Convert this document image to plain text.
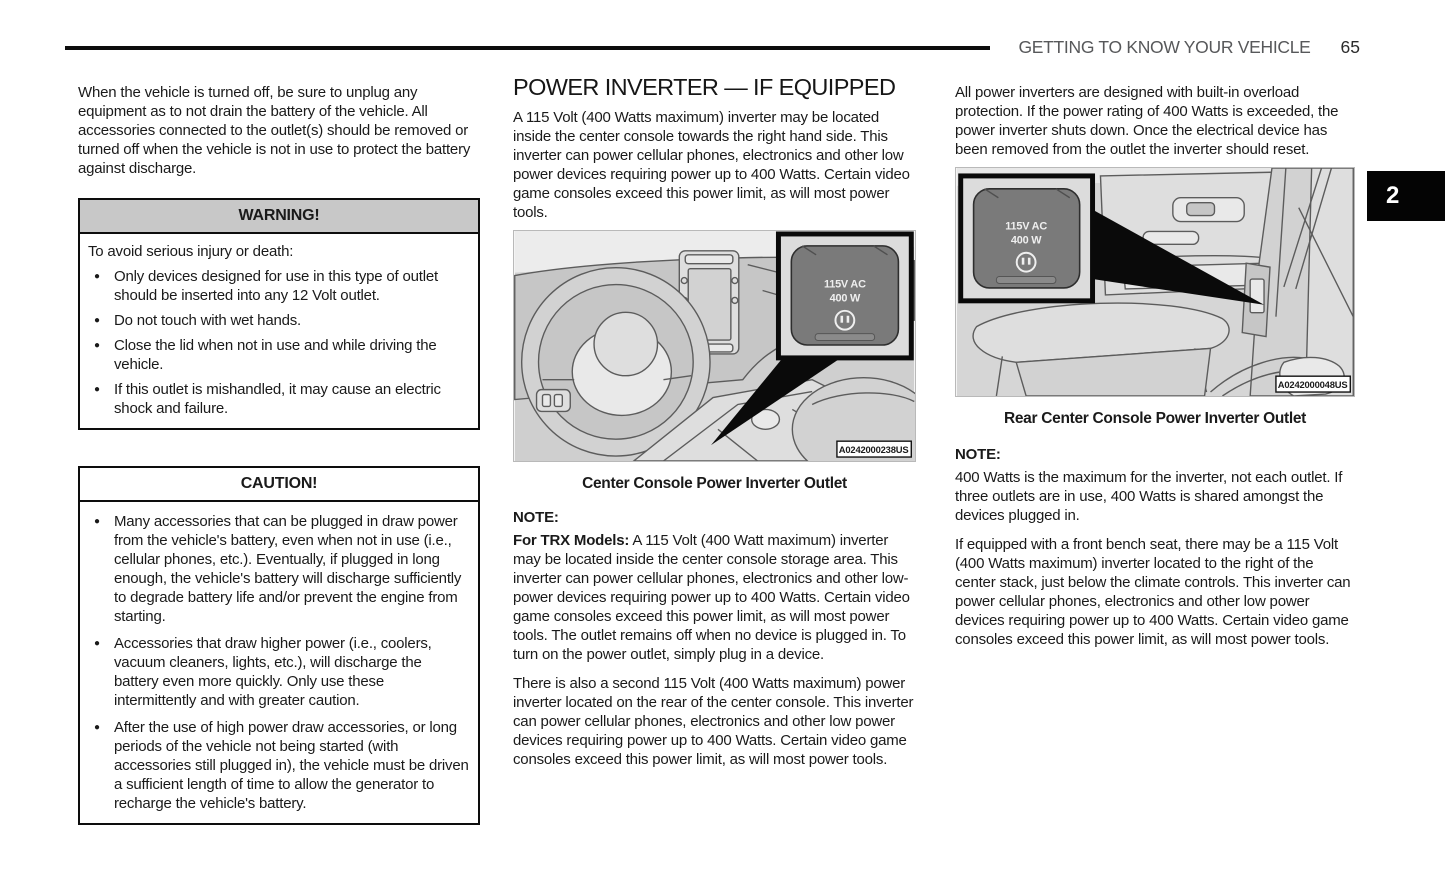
GETTING TO KNOW YOUR VEHICLE 65
2

When the vehicle is turned off, be sure to unplug any equipment as to not drain the battery of the vehicle. All accessories connected to the outlet(s) should be removed or turned off when the vehicle is not in use to protect the battery against discharge.

WARNING!

To avoid serious injury or death:

● Only devices designed for use in this type of outlet should be inserted into any 12 Volt outlet.
● Do not touch with wet hands.
● Close the lid when not in use and while driving the vehicle.
● If this outlet is mishandled, it may cause an electric shock and failure.
CAUTION!
● Many accessories that can be plugged in draw power from the vehicle's battery, even when not in use (i.e., cellular phones, etc.). Eventually, if plugged in long enough, the vehicle's battery will discharge sufficiently to degrade battery life and/or prevent the engine from starting.
● Accessories that draw higher power (i.e., coolers, vacuum cleaners, lights, etc.), will discharge the battery even more quickly. Only use these intermittently and with greater caution.
● After the use of high power draw accessories, or long periods of the vehicle not being started (with accessories still plugged in), the vehicle must be driven a sufficient length of time to allow the generator to recharge the vehicle's battery.
POWER INVERTER — IF EQUIPPED

A 115 Volt (400 Watts maximum) inverter may be located inside the center console towards the right hand side. This inverter can power cellular phones, electronics and other low power devices requiring power up to 400 Watts. Certain video game consoles exceed this power limit, as will most power tools.

115V AC
400 W
A0242000238US
Center Console Power Inverter Outlet

NOTE:

For TRX Models: A 115 Volt (400 Watt maximum) inverter may be located inside the center console storage area. This inverter can power cellular phones, electronics and other low-power devices requiring power up to 400 Watts. Certain video game consoles exceed this power limit, as will most power tools. The outlet remains off when no device is plugged in. To turn on the power outlet, simply plug in a device.

There is also a second 115 Volt (400 Watts maximum) power inverter located on the rear of the center console. This inverter can power cellular phones, electronics and other low power devices requiring power up to 400 Watts. Certain video game consoles exceed this power limit, as will most power tools.

All power inverters are designed with built-in overload protection. If the power rating of 400 Watts is exceeded, the power inverter shuts down. Once the electrical device has been removed from the outlet the inverter should reset.

115V AC
400 W
A0242000048US
Rear Center Console Power Inverter Outlet

NOTE:

400 Watts is the maximum for the inverter, not each outlet. If three outlets are in use, 400 Watts is shared amongst the devices plugged in.

If equipped with a front bench seat, there may be a 115 Volt (400 Watts maximum) inverter located to the right of the center stack, just below the climate controls. This inverter can power cellular phones, electronics and other low power devices requiring power up to 400 Watts. Certain video game consoles exceed this power limit, as will most power tools.
